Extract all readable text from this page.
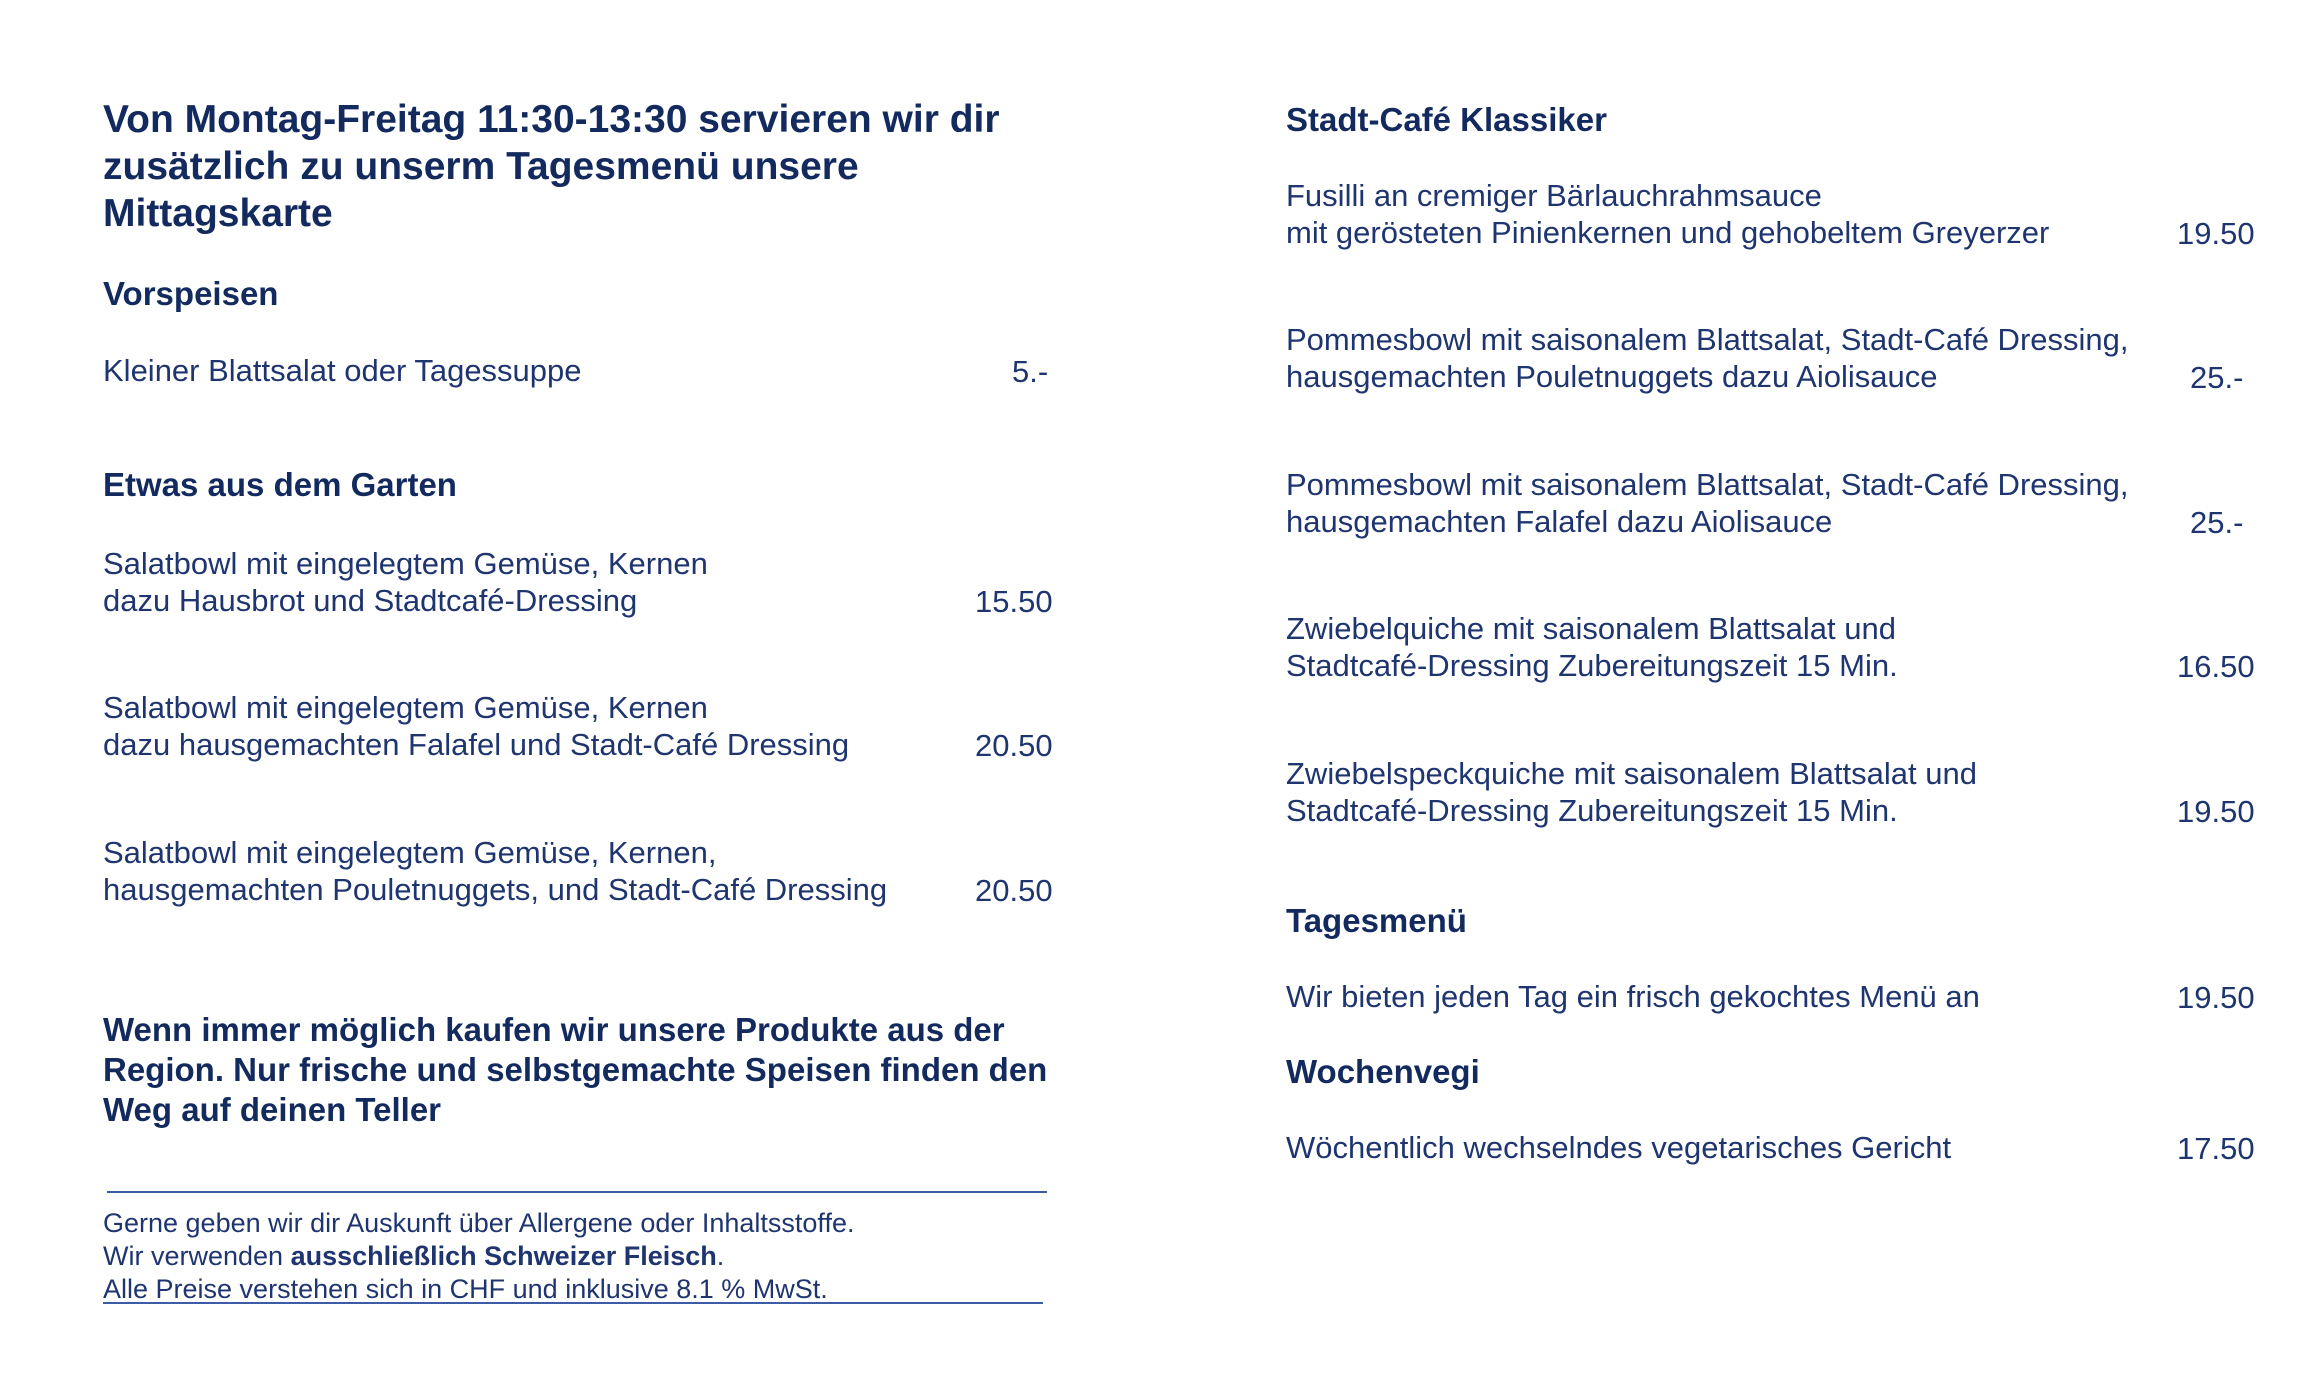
Von Montag-Freitag 11:30-13:30 servieren wir dir
zusätzlich zu unserm Tagesmenü unsere
Mittagskarte
Vorspeisen
Kleiner Blattsalat oder Tagessuppe	5.-
Etwas aus dem Garten
Salatbowl mit eingelegtem Gemüse, Kernen
dazu Hausbrot und Stadtcafé-Dressing	15.50
Salatbowl mit eingelegtem Gemüse, Kernen
dazu hausgemachten Falafel und Stadt-Café Dressing	20.50
Salatbowl mit eingelegtem Gemüse, Kernen,
hausgemachten Pouletnuggets, und Stadt-Café Dressing	20.50
Wenn immer möglich kaufen wir unsere Produkte aus der
Region. Nur frische und selbstgemachte Speisen finden den
Weg auf deinen Teller
Gerne geben wir dir Auskunft über Allergene oder Inhaltsstoffe.
Wir verwenden ausschließlich Schweizer Fleisch.
Alle Preise verstehen sich in CHF und inklusive 8.1 % MwSt.
Stadt-Café Klassiker
Fusilli an cremiger Bärlauchrahmsauce
mit gerösteten Pinienkernen und gehobeltem Greyerzer	19.50
Pommesbowl mit saisonalem Blattsalat, Stadt-Café Dressing,
hausgemachten Pouletnuggets dazu Aiolisauce	25.-
Pommesbowl mit saisonalem Blattsalat, Stadt-Café Dressing,
hausgemachten Falafel dazu Aiolisauce	25.-
Zwiebelquiche mit saisonalem Blattsalat und
Stadtcafé-Dressing Zubereitungszeit 15 Min.	16.50
Zwiebelspeckquiche mit saisonalem Blattsalat und
Stadtcafé-Dressing Zubereitungszeit 15 Min.	19.50
Tagesmenü
Wir bieten jeden Tag ein frisch gekochtes Menü an	19.50
Wochenvegi
Wöchentlich wechselndes vegetarisches Gericht	17.50
